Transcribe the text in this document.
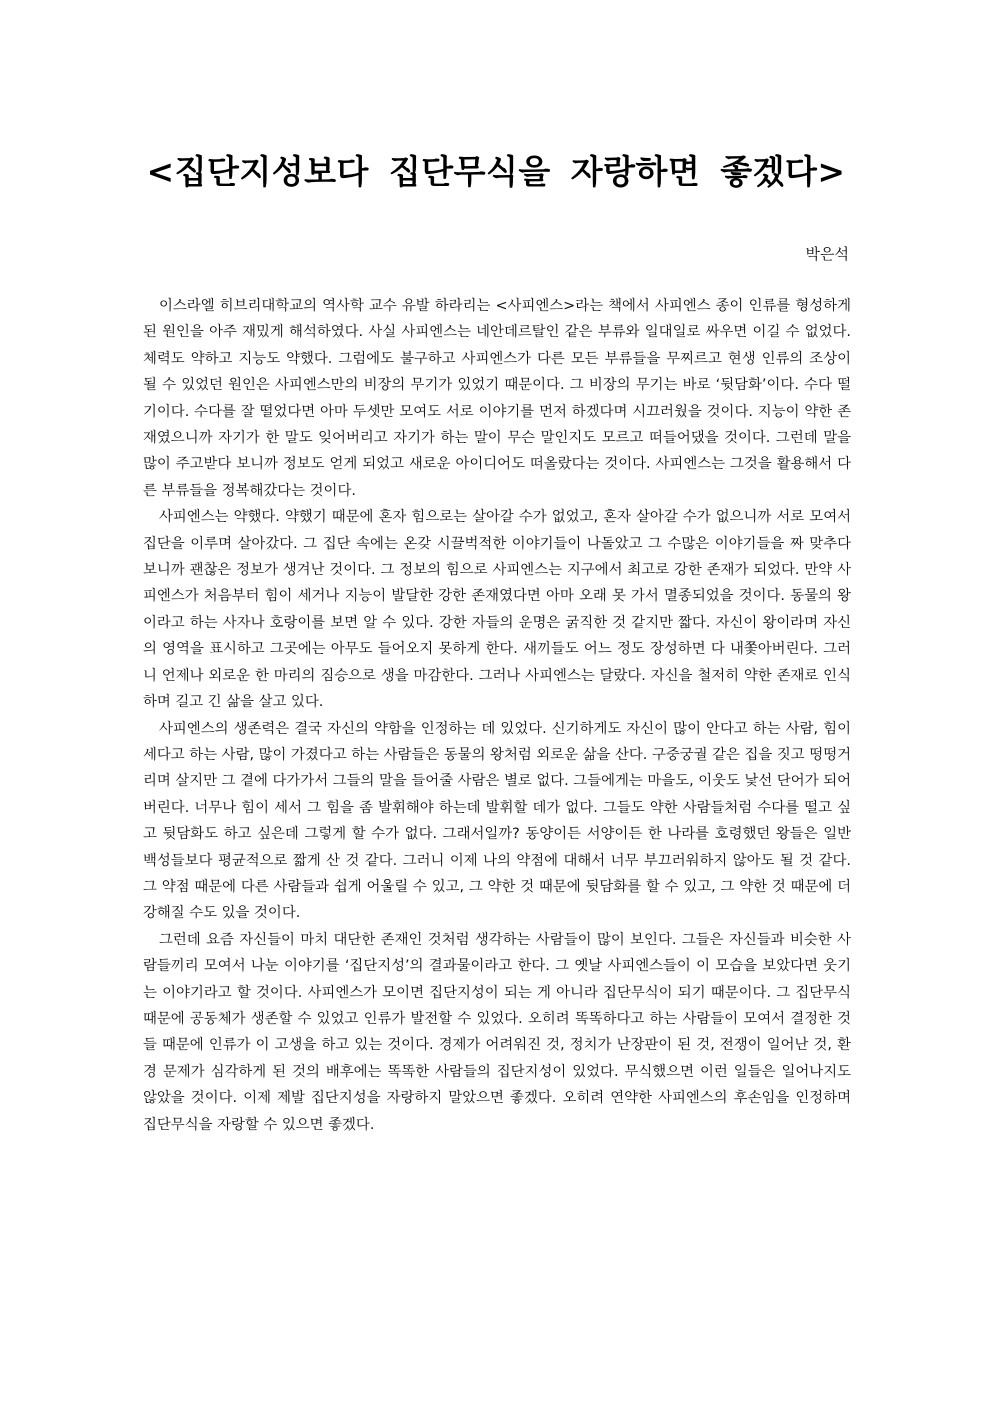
<집단지성보다 집단무식을 자랑하면 좋겠다>
박은석

이스라엘 히브리대학교의 역사학 교수 유발 하라리는 <사피엔스>라는 책에서 사피엔스 종이 인류를 형성하게 된 원인을 아주 재밌게 해석하였다. 사실 사피엔스는 네안데르탈인 같은 부류와 일대일로 싸우면 이길 수 없었다. 체력도 약하고 지능도 약했다. 그럼에도 불구하고 사피엔스가 다른 모든 부류들을 무찌르고 현생 인류의 조상이 될 수 있었던 원인은 사피엔스만의 비장의 무기가 있었기 때문이다. 그 비장의 무기는 바로 ‘뒷담화’이다. 수다 떨기이다. 수다를 잘 떨었다면 아마 두셋만 모여도 서로 이야기를 먼저 하겠다며 시끄러웠을 것이다. 지능이 약한 존재였으니까 자기가 한 말도 잊어버리고 자기가 하는 말이 무슨 말인지도 모르고 떠들어댔을 것이다. 그런데 말을 많이 주고받다 보니까 정보도 얻게 되었고 새로운 아이디어도 떠올랐다는 것이다. 사피엔스는 그것을 활용해서 다른 부류들을 정복해갔다는 것이다.

사피엔스는 약했다. 약했기 때문에 혼자 힘으로는 살아갈 수가 없었고, 혼자 살아갈 수가 없으니까 서로 모여서 집단을 이루며 살아갔다. 그 집단 속에는 온갖 시끌벅적한 이야기들이 나돌았고 그 수많은 이야기들을 짜 맞추다 보니까 괜찮은 정보가 생겨난 것이다. 그 정보의 힘으로 사피엔스는 지구에서 최고로 강한 존재가 되었다. 만약 사피엔스가 처음부터 힘이 세거나 지능이 발달한 강한 존재였다면 아마 오래 못 가서 멸종되었을 것이다. 동물의 왕이라고 하는 사자나 호랑이를 보면 알 수 있다. 강한 자들의 운명은 굵직한 것 같지만 짧다. 자신이 왕이라며 자신의 영역을 표시하고 그곳에는 아무도 들어오지 못하게 한다. 새끼들도 어느 정도 장성하면 다 내쫓아버린다. 그러니 언제나 외로운 한 마리의 짐승으로 생을 마감한다. 그러나 사피엔스는 달랐다. 자신을 철저히 약한 존재로 인식하며 길고 긴 삶을 살고 있다.

사피엔스의 생존력은 결국 자신의 약함을 인정하는 데 있었다. 신기하게도 자신이 많이 안다고 하는 사람, 힘이 세다고 하는 사람, 많이 가졌다고 하는 사람들은 동물의 왕처럼 외로운 삶을 산다. 구중궁궐 같은 집을 짓고 떵떵거리며 살지만 그 곁에 다가가서 그들의 말을 들어줄 사람은 별로 없다. 그들에게는 마을도, 이웃도 낯선 단어가 되어 버린다. 너무나 힘이 세서 그 힘을 좀 발휘해야 하는데 발휘할 데가 없다. 그들도 약한 사람들처럼 수다를 떨고 싶고 뒷담화도 하고 싶은데 그렇게 할 수가 없다. 그래서일까? 동양이든 서양이든 한 나라를 호령했던 왕들은 일반 백성들보다 평균적으로 짧게 산 것 같다. 그러니 이제 나의 약점에 대해서 너무 부끄러워하지 않아도 될 것 같다. 그 약점 때문에 다른 사람들과 쉽게 어울릴 수 있고, 그 약한 것 때문에 뒷담화를 할 수 있고, 그 약한 것 때문에 더 강해질 수도 있을 것이다.

그런데 요즘 자신들이 마치 대단한 존재인 것처럼 생각하는 사람들이 많이 보인다. 그들은 자신들과 비슷한 사람들끼리 모여서 나눈 이야기를 ‘집단지성’의 결과물이라고 한다. 그 옛날 사피엔스들이 이 모습을 보았다면 웃기는 이야기라고 할 것이다. 사피엔스가 모이면 집단지성이 되는 게 아니라 집단무식이 되기 때문이다. 그 집단무식 때문에 공동체가 생존할 수 있었고 인류가 발전할 수 있었다. 오히려 똑똑하다고 하는 사람들이 모여서 결정한 것들 때문에 인류가 이 고생을 하고 있는 것이다. 경제가 어려워진 것, 정치가 난장판이 된 것, 전쟁이 일어난 것, 환경 문제가 심각하게 된 것의 배후에는 똑똑한 사람들의 집단지성이 있었다. 무식했으면 이런 일들은 일어나지도 않았을 것이다. 이제 제발 집단지성을 자랑하지 말았으면 좋겠다. 오히려 연약한 사피엔스의 후손임을 인정하며 집단무식을 자랑할 수 있으면 좋겠다.
